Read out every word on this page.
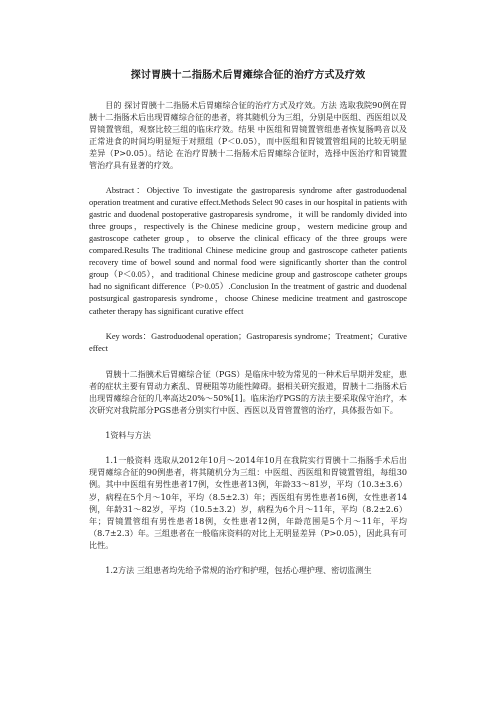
探讨胃胰十二指肠术后胃瘫综合征的治疗方式及疗效

目的 探讨胃胰十二指肠术后胃瘫综合征的治疗方式及疗效。方法 选取我院90例在胃胰十二指肠术后出现胃瘫综合征的患者，将其随机分为三组，分别是中医组、西医组以及胃镜置管组，观察比较三组的临床疗效。结果 中医组和胃镜置管组患者恢复肠鸣音以及正常进食的时间均明显短于对照组（P＜0.05），而中医组和胃镜置管组间的比较无明显差异（P>0.05）。结论 在治疗胃胰十二指肠术后胃瘫综合征时，选择中医治疗和胃镜置管治疗具有显著的疗效。

Abstract：Objective To investigate the gastroparesis syndrome after gastroduodenal operation treatment and curative effect.Methods Select 90 cases in our hospital in patients with gastric and duodenal postoperative gastroparesis syndrome，it will be randomly divided into three groups，respectively is the Chinese medicine group，western medicine group and gastroscope catheter group，to observe the clinical efficacy of the three groups were compared.Results The traditional Chinese medicine group and gastroscope catheter patients recovery time of bowel sound and normal food were significantly shorter than the control group（P＜0.05），and traditional Chinese medicine group and gastroscope catheter groups had no significant difference（P>0.05）.Conclusion In the treatment of gastric and duodenal postsurgical gastroparesis syndrome，choose Chinese medicine treatment and gastroscope catheter therapy has significant curative effect

Key words：Gastroduodenal operation；Gastroparesis syndrome；Treatment；Curative effect

胃胰十二指胰术后胃瘫综合征（PGS）是临床中较为常见的一种术后早期并发症，患者的症状主要有胃动力紊乱、胃梗阻等功能性障碍。据相关研究报道，胃胰十二指肠术后出现胃瘫综合征的几率高达20%～50%[1]。临床治疗PGS的方法主要采取保守治疗，本次研究对我院部分PGS患者分别实行中医、西医以及胃管置管的治疗，具体报告如下。

1资料与方法

1.1一般资料 选取从2012年10月～2014年10月在我院实行胃胰十二指肠手术后出现胃瘫综合征的90例患者，将其随机分为三组：中医组、西医组和胃镜置管组，每组30例。其中中医组有男性患者17例，女性患者13例，年龄33～81岁，平均（10.3±3.6）岁，病程在5个月～10年，平均（8.5±2.3）年；西医组有男性患者16例，女性患者14例，年龄31～82岁，平均（10.5±3.2）岁，病程为6个月～11年，平均（8.2±2.6）年；胃镜置管组有男性患者18例，女性患者12例，年龄范围是5个月～11年，平均（8.7±2.3）年。三组患者在一般临床资料的对比上无明显差异（P>0.05），因此具有可比性。

1.2方法 三组患者均先给予常规的治疗和护理，包括心理护理、密切监测生
